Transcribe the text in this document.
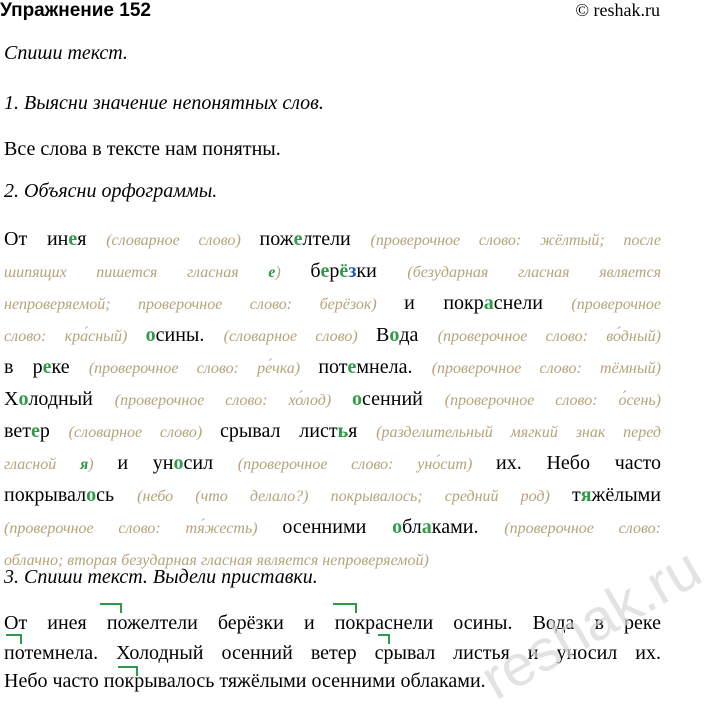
Упражнение 152	© reshak.ru
Спиши текст.
1. Выясни значение непонятных слов.
Все слова в тексте нам понятны.
2. Объясни орфограммы.
От инея (словарное слово) пожелтели (проверочное слово: жёлтый; после
шипящих пишется гласная е) берёзки (безударная гласная является
непроверяемой; проверочное слово: берёзок) и покраснели (проверочное
слово: кра́сный) осины. (словарное слово) Вода (проверочное слово: во́дный)
в реке (проверочное слово: ре́чка) потемнела. (проверочное слово: тёмный)
Холодный (проверочное слово: хо́лод) осенний (проверочное слово: о́сень)
ветер (словарное слово) срывал листья (разделительный мягкий знак перед
гласной я) и уносил (проверочное слово: уно́сит) их. Небо часто
покрывалось (небо (что делало?) покрывалось; средний род) тяжёлыми
(проверочное слово: тя́жесть) осенними облаками. (проверочное слово:
облачно; вторая безударная гласная является непроверяемой)
3. Спиши текст. Выдели приставки.
От инея пожелтели берёзки и покраснели осины. Вода в реке
потемнела. Холодный осенний ветер срывал листья и уносил их.
Небо часто покрывалось тяжёлыми осенними облаками.
reshak.ru
